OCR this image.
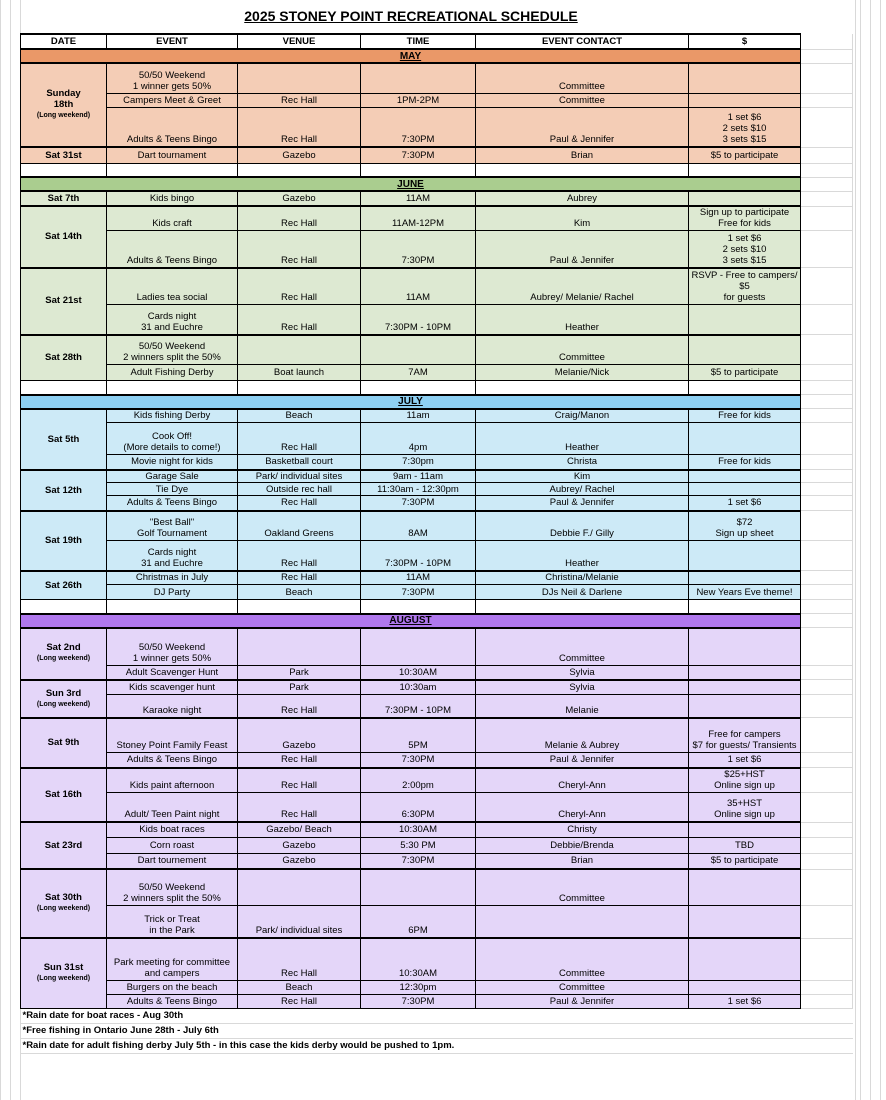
2025 STONEY POINT RECREATIONAL SCHEDULE
DATE	EVENT	VENUE	TIME	EVENT CONTACT	$	
MAY						
Sunday
18th
(Long weekend)	50/50 Weekend
1 winner gets 50%			Committee		
	Campers Meet & Greet	Rec Hall	1PM-2PM	Committee		
	Adults & Teens Bingo	Rec Hall	7:30PM	Paul & Jennifer	1 set $6
2 sets $10
3 sets $15	
Sat 31st	Dart tournament	Gazebo	7:30PM	Brian	$5 to participate	

JUNE						
Sat 7th	Kids bingo	Gazebo	11AM	Aubrey		
Sat 14th	Kids craft	Rec Hall	11AM-12PM	Kim	Sign up to participate
Free for kids	
	Adults & Teens Bingo	Rec Hall	7:30PM	Paul & Jennifer	1 set $6
2 sets $10
3 sets $15	
Sat 21st	Ladies tea social	Rec Hall	11AM	Aubrey/ Melanie/ Rachel	RSVP - Free to campers/ $5
for guests	
	Cards night
31 and Euchre	Rec Hall	7:30PM - 10PM	Heather		
Sat 28th	50/50 Weekend
2 winners split the 50%			Committee		
	Adult Fishing Derby	Boat launch	7AM	Melanie/Nick	$5 to participate	

JULY						
Sat 5th	Kids fishing Derby	Beach	11am	Craig/Manon	Free for kids	
	Cook Off!
(More details to come!)	Rec Hall	4pm	Heather		
	Movie night for kids	Basketball court	7:30pm	Christa	Free for kids	
Sat 12th	Garage Sale	Park/ individual sites	9am - 11am	Kim		
	Tie Dye	Outside rec hall	11:30am - 12:30pm	Aubrey/ Rachel		
	Adults & Teens Bingo	Rec Hall	7:30PM	Paul & Jennifer	1 set $6	
Sat 19th	"Best Ball"
Golf Tournament	Oakland Greens	8AM	Debbie F./ Gilly	$72
Sign up sheet	
	Cards night
31 and Euchre	Rec Hall	7:30PM - 10PM	Heather		
Sat 26th	Christmas in July	Rec Hall	11AM	Christina/Melanie		
	DJ Party	Beach	7:30PM	DJs Neil & Darlene	New Years Eve theme!	

AUGUST						
Sat 2nd
(Long weekend)	50/50 Weekend
1 winner gets 50%			Committee		
	Adult Scavenger Hunt	Park	10:30AM	Sylvia		
Sun 3rd
(Long weekend)	Kids scavenger hunt	Park	10:30am	Sylvia		
	Karaoke night	Rec Hall	7:30PM - 10PM	Melanie		
Sat 9th	Stoney Point Family Feast	Gazebo	5PM	Melanie & Aubrey	Free for campers
$7 for guests/ Transients	
	Adults & Teens Bingo	Rec Hall	7:30PM	Paul & Jennifer	1 set $6	
Sat 16th	Kids paint afternoon	Rec Hall	2:00pm	Cheryl-Ann	$25+HST
Online sign up	
	Adult/ Teen Paint night	Rec Hall	6:30PM	Cheryl-Ann	35+HST
Online sign up	
Sat 23rd	Kids boat races	Gazebo/ Beach	10:30AM	Christy		
	Corn roast	Gazebo	5:30 PM	Debbie/Brenda	TBD	
	Dart tournement	Gazebo	7:30PM	Brian	$5 to participate	
Sat 30th
(Long weekend)	50/50 Weekend
2 winners split the 50%			Committee		
	Trick or Treat
in the Park	Park/ individual sites	6PM			
Sun 31st
(Long weekend)	Park meeting for committee
and campers	Rec Hall	10:30AM	Committee		
	Burgers on the beach	Beach	12:30pm	Committee		
	Adults & Teens Bingo	Rec Hall	7:30PM	Paul & Jennifer	1 set $6	
*Rain date for boat races - Aug 30th						
*Free fishing in Ontario June 28th - July 6th						
*Rain date for adult fishing derby July 5th - in this case the kids derby would be pushed to 1pm.						
